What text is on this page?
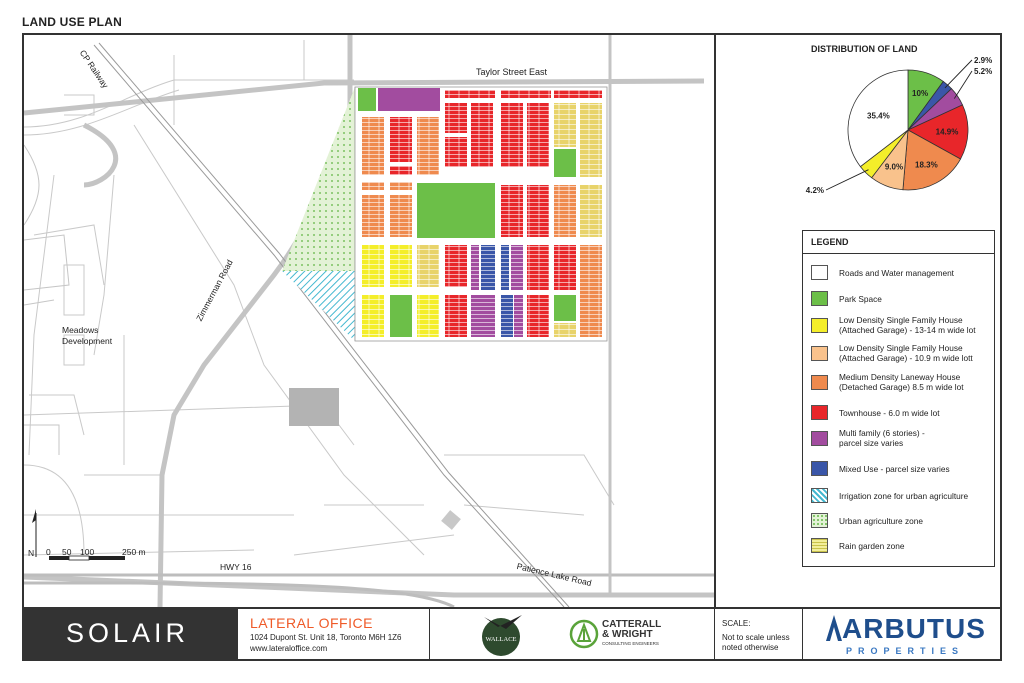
LAND USE PLAN
CP Railway	Taylor Street East
Zimmerman Road
Meadows
Development
HWY 16	Patience Lake Road
N 0 50 100	250 m
DISTRIBUTION OF LAND
10%
2.9%
5.2%
14.9%
18.3%
9.0%
4.2%
35.4%
LEGEND
Roads and Water management
Park Space
Low Density Single Family House
(Attached Garage) - 13-14 m wide lot
Low Density Single Family House
(Attached Garage) - 10.9 m wide lott
Medium Density Laneway House
(Detached Garage) 8.5 m wide lot
Townhouse - 6.0 m wide lot
Multi family (6 stories) -
parcel size varies
Mixed Use - parcel size varies
Irrigation zone for urban agriculture
Urban agriculture zone
Rain garden zone
SOLAIR	LATERAL OFFICE
1024 Dupont St. Unit 18, Toronto M6H 1Z6
www.lateraloffice.com
WALLACE
CATTERALL
& WRIGHT
CONSULTING ENGINEERS
SCALE:
Not to scale unless
noted otherwise
ARBUTUS
PROPERTIES
